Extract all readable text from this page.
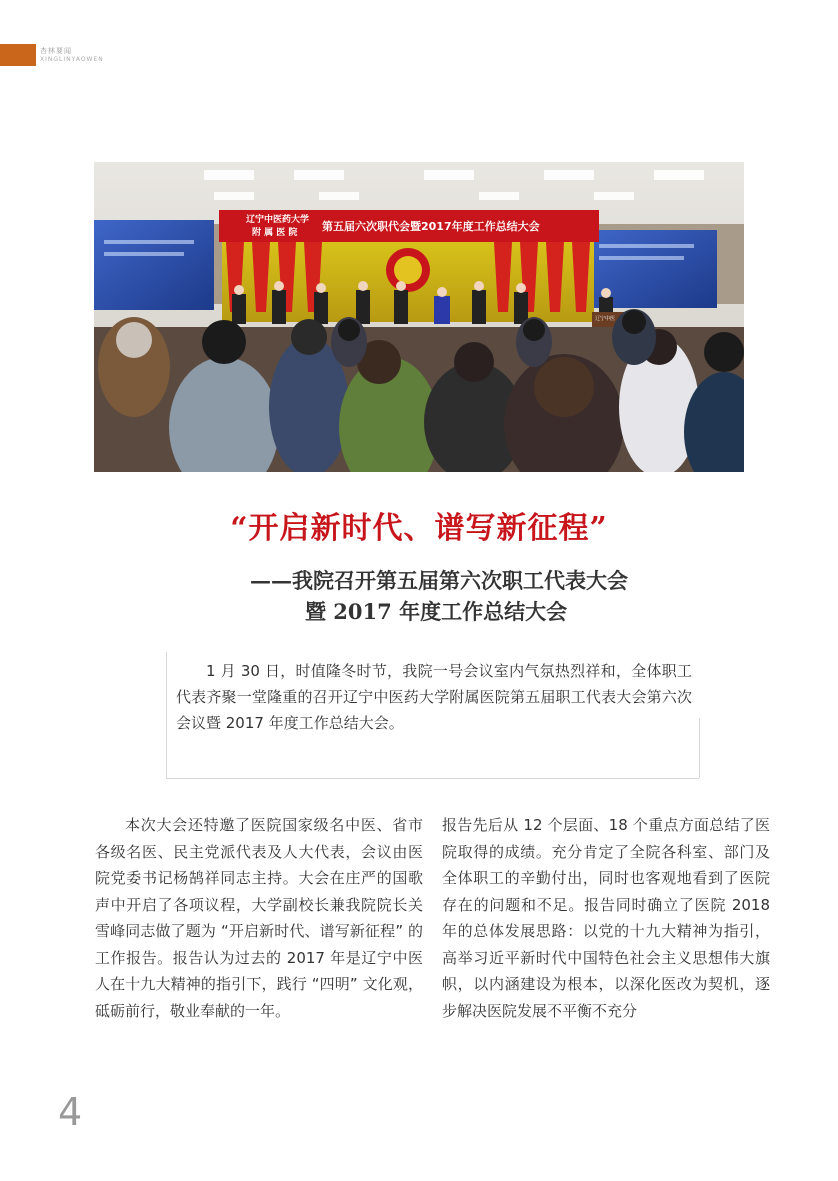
杏林要闻
XINGLINYAOWEN
辽宁中医药大学
附 属 医 院 第五届六次职代会暨2017年度工作总结大会
辽宁中医
“开启新时代、谱写新征程”
——我院召开第五届第六次职工代表大会
暨 2017 年度工作总结大会
1 月 30 日，时值隆冬时节，我院一号会议室内气氛热烈祥和，全体职工代表齐聚一堂隆重的召开辽宁中医药大学附属医院第五届职工代表大会第六次会议暨 2017 年度工作总结大会。
本次大会还特邀了医院国家级名中医、省市各级名医、民主党派代表及人大代表，会议由医院党委书记杨鹄祥同志主持。大会在庄严的国歌声中开启了各项议程，大学副校长兼我院院长关雪峰同志做了题为 “开启新时代、谱写新征程” 的工作报告。报告认为过去的 2017 年是辽宁中医人在十九大精神的指引下，践行 “四明” 文化观，砥砺前行，敬业奉献的一年。
报告先后从 12 个层面、18 个重点方面总结了医院取得的成绩。充分肯定了全院各科室、部门及全体职工的辛勤付出，同时也客观地看到了医院存在的问题和不足。报告同时确立了医院 2018 年的总体发展思路：以党的十九大精神为指引，高举习近平新时代中国特色社会主义思想伟大旗帜，以内涵建设为根本，以深化医改为契机，逐步解决医院发展不平衡不充分
4
